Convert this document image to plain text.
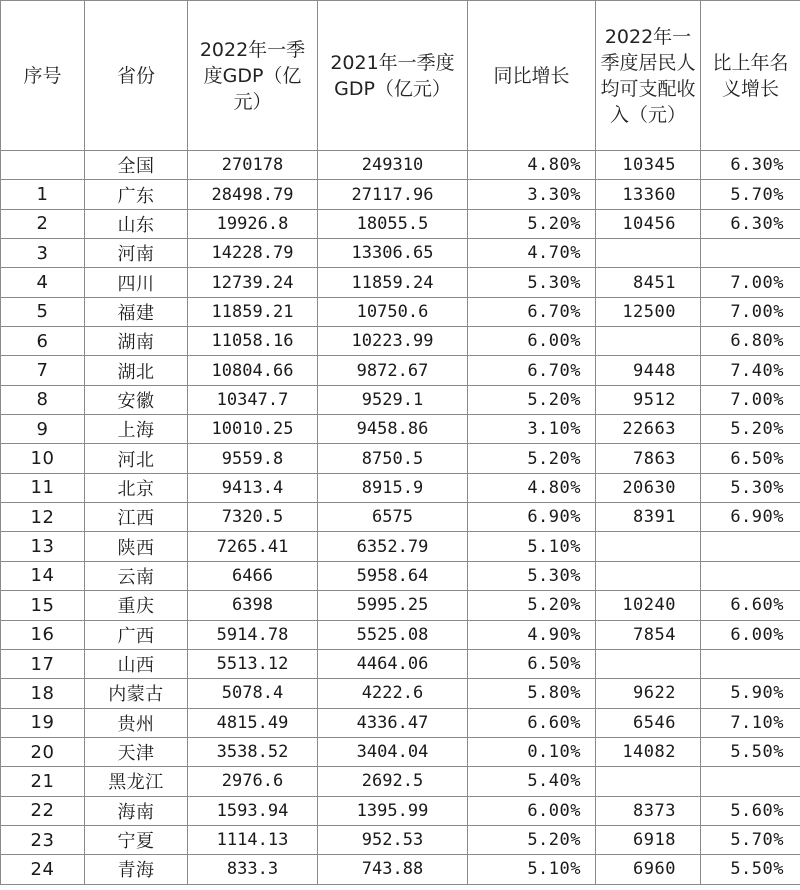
序号	省份	2022年一季度GDP（亿元）	2021年一季度GDP（亿元）	同比增长	2022年一季度居民人均可支配收入（元）	比上年名义增长
	全国	270178	249310	4.80%	10345	6.30%
1	广东	28498.79	27117.96	3.30%	13360	5.70%
2	山东	19926.8	18055.5	5.20%	10456	6.30%
3	河南	14228.79	13306.65	4.70%		
4	四川	12739.24	11859.24	5.30%	8451	7.00%
5	福建	11859.21	10750.6	6.70%	12500	7.00%
6	湖南	11058.16	10223.99	6.00%		6.80%
7	湖北	10804.66	9872.67	6.70%	9448	7.40%
8	安徽	10347.7	9529.1	5.20%	9512	7.00%
9	上海	10010.25	9458.86	3.10%	22663	5.20%
10	河北	9559.8	8750.5	5.20%	7863	6.50%
11	北京	9413.4	8915.9	4.80%	20630	5.30%
12	江西	7320.5	6575	6.90%	8391	6.90%
13	陕西	7265.41	6352.79	5.10%		
14	云南	6466	5958.64	5.30%		
15	重庆	6398	5995.25	5.20%	10240	6.60%
16	广西	5914.78	5525.08	4.90%	7854	6.00%
17	山西	5513.12	4464.06	6.50%		
18	内蒙古	5078.4	4222.6	5.80%	9622	5.90%
19	贵州	4815.49	4336.47	6.60%	6546	7.10%
20	天津	3538.52	3404.04	0.10%	14082	5.50%
21	黑龙江	2976.6	2692.5	5.40%		
22	海南	1593.94	1395.99	6.00%	8373	5.60%
23	宁夏	1114.13	952.53	5.20%	6918	5.70%
24	青海	833.3	743.88	5.10%	6960	5.50%
